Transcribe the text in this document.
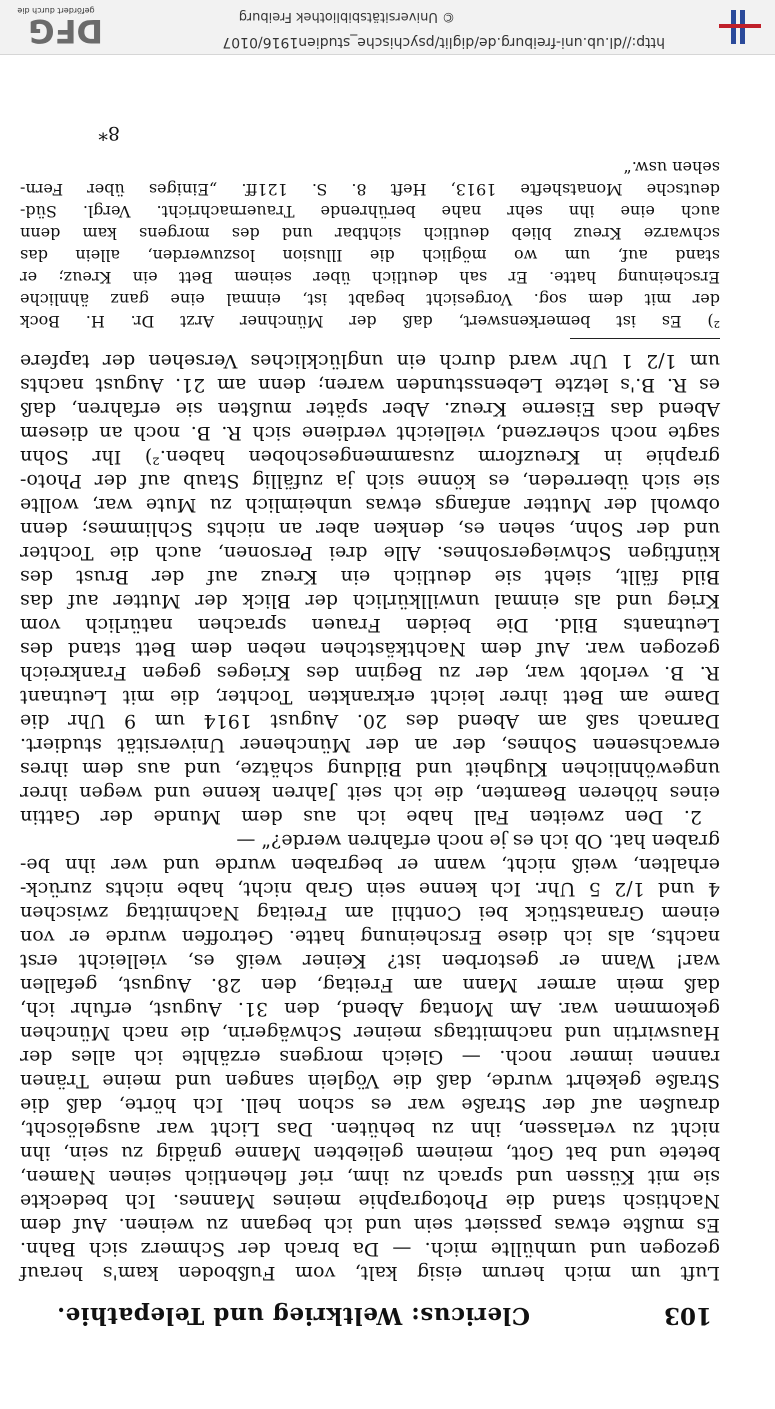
103
Clericus: Weltkrieg und Telepathie.
Luft um mich herum eisig kalt, vom Fußboden kam's herauf
gezogen und umhüllte mich. — Da brach der Schmerz sich Bahn.
Es mußte etwas passiert sein und ich begann zu weinen. Auf dem
Nachtisch stand die Photographie meines Mannes. Ich bedeckte
sie mit Küssen und sprach zu ihm, rief flehentlich seinen Namen,
betete und bat Gott, meinem geliebten Manne gnädig zu sein, ihn
nicht zu verlassen, ihn zu behüten. Das Licht war ausgelöscht,
draußen auf der Straße war es schon hell. Ich hörte, daß die
Straße gekehrt wurde, daß die Vöglein sangen und meine Tränen
rannen immer noch. — Gleich morgens erzählte ich alles der
Hauswirtin und nachmittags meiner Schwägerin, die nach München
gekommen war. Am Montag Abend, den 31. August, erfuhr ich,
daß mein armer Mann am Freitag, den 28. August, gefallen
war! Wann er gestorben ist? Keiner weiß es, vielleicht erst
nachts, als ich diese Erscheinung hatte. Getroffen wurde er von
einem Granatstück bei Conthil am Freitag Nachmittag zwischen
4 und 1/2 5 Uhr. Ich kenne sein Grab nicht, habe nichts zurück-
erhalten, weiß nicht, wann er begraben wurde und wer ihn be-
graben hat. Ob ich es je noch erfahren werde?“ —
2. Den zweiten Fall habe ich aus dem Munde der Gattin
eines höheren Beamten, die ich seit Jahren kenne und wegen ihrer
ungewöhnlichen Klugheit und Bildung schätze, und aus dem ihres
erwachsenen Sohnes, der an der Münchener Universität studiert.
Darnach saß am Abend des 20. August 1914 um 9 Uhr die
Dame am Bett ihrer leicht erkrankten Tochter, die mit Leutnant
R. B. verlobt war, der zu Beginn des Krieges gegen Frankreich
gezogen war. Auf dem Nachtkästchen neben dem Bett stand des
Leutnants Bild. Die beiden Frauen sprachen natürlich vom
Krieg und als einmal unwillkürlich der Blick der Mutter auf das
Bild fällt, sieht sie deutlich ein Kreuz auf der Brust des
künftigen Schwiegersohnes. Alle drei Personen, auch die Tochter
und der Sohn, sehen es, denken aber an nichts Schlimmes; denn
obwohl der Mutter anfangs etwas unheimlich zu Mute war, wollte
sie sich überreden, es könne sich ja zufällig Staub auf der Photo-
graphie in Kreuzform zusammengeschoben haben.²) Ihr Sohn
sagte noch scherzend, vielleicht verdiene sich R. B. noch an diesem
Abend das Eiserne Kreuz. Aber später mußten sie erfahren, daß
es R. B.'s letzte Lebensstunden waren; denn am 21. August nachts
um 1/2 1 Uhr ward durch ein unglückliches Versehen der tapfere
²) Es ist bemerkenswert, daß der Münchner Arzt Dr. H. Bock
der mit dem sog. Vorgesicht begabt ist, einmal eine ganz ähnliche
Erscheinung hatte. Er sah deutlich über seinem Bett ein Kreuz; er
stand auf, um wo möglich die Illusion loszuwerden, allein das
schwarze Kreuz blieb deutlich sichtbar und des morgens kam denn
auch eine ihn sehr nahe berührende Trauernachricht. Vergl. Süd-
deutsche Monatshefte 1913, Heft 8. S. 121ff. „Einiges über Fern-
sehen usw.“
8*
http://dl.ub.uni-freiburg.de/diglit/psychische_studien1916/0107
© Universitätsbibliothek Freiburg
DFG
gefördert durch die
